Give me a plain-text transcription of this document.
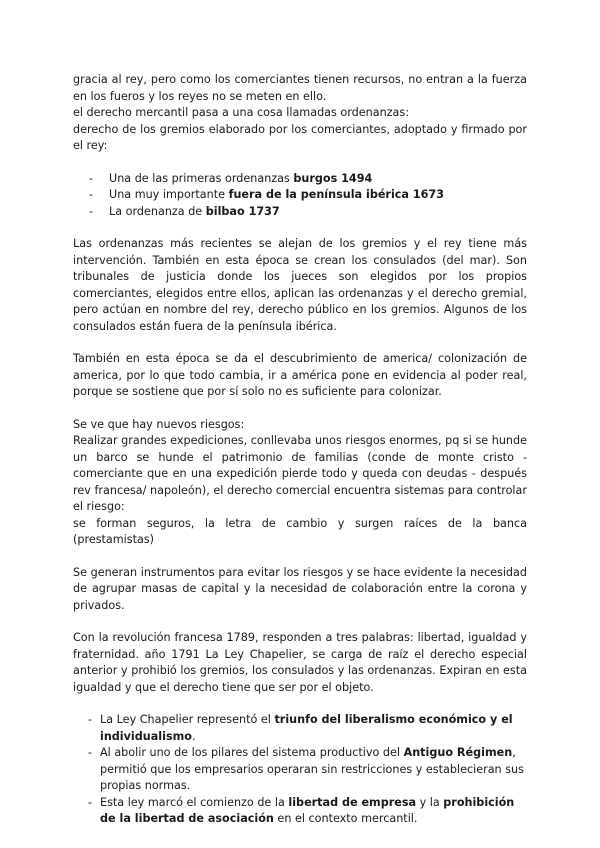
gracia al rey, pero como los comerciantes tienen recursos, no entran a la fuerza en los fueros y los reyes no se meten en ello.
el derecho mercantil pasa a una cosa llamadas ordenanzas:
derecho de los gremios elaborado por los comerciantes, adoptado y firmado por el rey:

- Una de las primeras ordenanzas burgos 1494
- Una muy importante fuera de la península ibérica 1673
- La ordenanza de bilbao 1737

Las ordenanzas más recientes se alejan de los gremios y el rey tiene más intervención. También en esta época se crean los consulados (del mar). Son tribunales de justicia donde los jueces son elegidos por los propios comerciantes, elegidos entre ellos, aplican las ordenanzas y el derecho gremial, pero actúan en nombre del rey, derecho público en los gremios. Algunos de los consulados están fuera de la península ibérica.

También en esta época se da el descubrimiento de america/ colonización de america, por lo que todo cambia, ir a américa pone en evidencia al poder real, porque se sostiene que por sí solo no es suficiente para colonizar.

Se ve que hay nuevos riesgos:
Realizar grandes expediciones, conllevaba unos riesgos enormes, pq si se hunde un barco se hunde el patrimonio de familias (conde de monte cristo - comerciante que en una expedición pierde todo y queda con deudas - después rev francesa/ napoleón), el derecho comercial encuentra sistemas para controlar el riesgo:
se forman seguros, la letra de cambio y surgen raíces de la banca (prestamistas)

Se generan instrumentos para evitar los riesgos y se hace evidente la necesidad de agrupar masas de capital y la necesidad de colaboración entre la corona y privados.

Con la revolución francesa 1789, responden a tres palabras: libertad, igualdad y fraternidad. año 1791 La Ley Chapelier, se carga de raíz el derecho especial anterior y prohibió los gremios, los consulados y las ordenanzas. Expiran en esta igualdad y que el derecho tiene que ser por el objeto.

- La Ley Chapelier representó el triunfo del liberalismo económico y el individualismo.
- Al abolir uno de los pilares del sistema productivo del Antiguo Régimen, permitió que los empresarios operaran sin restricciones y establecieran sus propias normas.
- Esta ley marcó el comienzo de la libertad de empresa y la prohibición de la libertad de asociación en el contexto mercantil.
